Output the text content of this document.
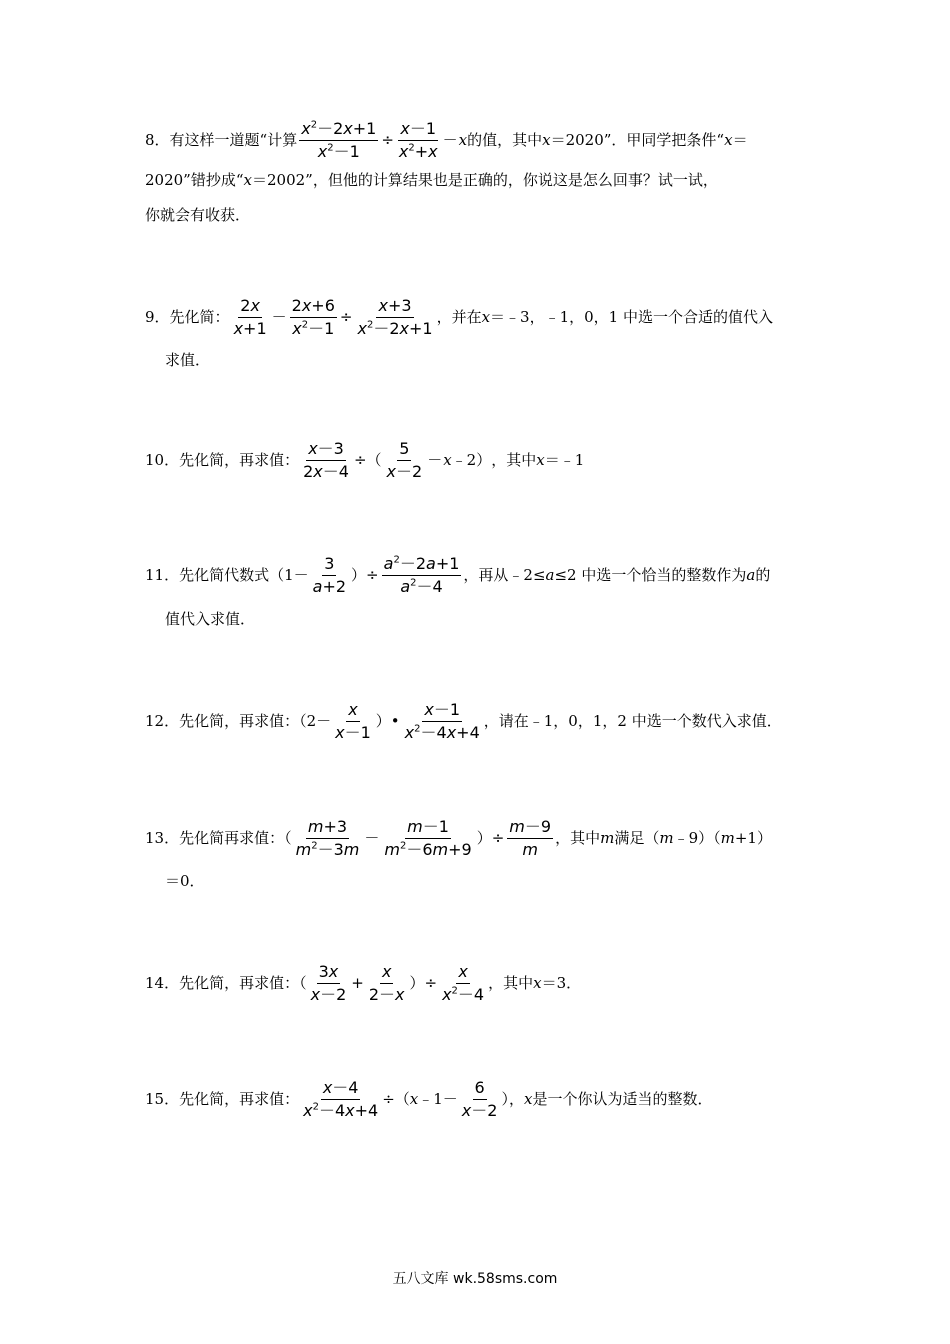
8． 有这样一道题“计算 $\frac{x^2-2x+1}{x^2-1} \div \frac{x-1}{x^2+x} - x$ 的值，其中 x ＝2020”．甲同学把条件“ x ＝
2020”错抄成“ x ＝2002”，但他的计算结果也是正确的，你说这是怎么回事？试一试，
你就会有收获．
9． 先化简： $\frac{2x}{x+1} - \frac{2x+6}{x^2-1} \div \frac{x+3}{x^2-2x+1}$ ，并在 x ＝﹣3，﹣1，0，1 中选一个合适的值代入
求值．
10． 先化简，再求值： $\frac{x-3}{2x-4}$ ÷（ $\frac{5}{x-2} - x$ ﹣2） ，其中 x ＝﹣1
11． 先化简代数式（$1- \frac{3}{a+2}$ ）÷ $\frac{a^2-2a+1}{a^2-4}$ ，再从﹣2≤ a ≤2 中选一个恰当的整数作为 a 的
值代入求值．
12． 先化简，再求值：（$2- \frac{x}{x-1}$ ）• $\frac{x-1}{x^2-4x+4}$ ，请在﹣1，0，1，2 中选一个数代入求值．
13． 先化简再求值：（ $\frac{m+3}{m^2-3m} - \frac{m-1}{m^2-6m+9}$ ）÷ $\frac{m-9}{m}$ ，其中 m 满足（ m ﹣9）（ m +1）
＝0．
14． 先化简，再求值：（ $\frac{3x}{x-2} + \frac{x}{2-x}$ ）÷ $\frac{x}{x^2-4}$ ，其中 x ＝3．
15． 先化简，再求值： $\frac{x-4}{x^2-4x+4}$ ÷（ x ﹣1－ $\frac{6}{x-2}$ ）， x 是一个你认为适当的整数．
五八文库 wk.58sms.com
